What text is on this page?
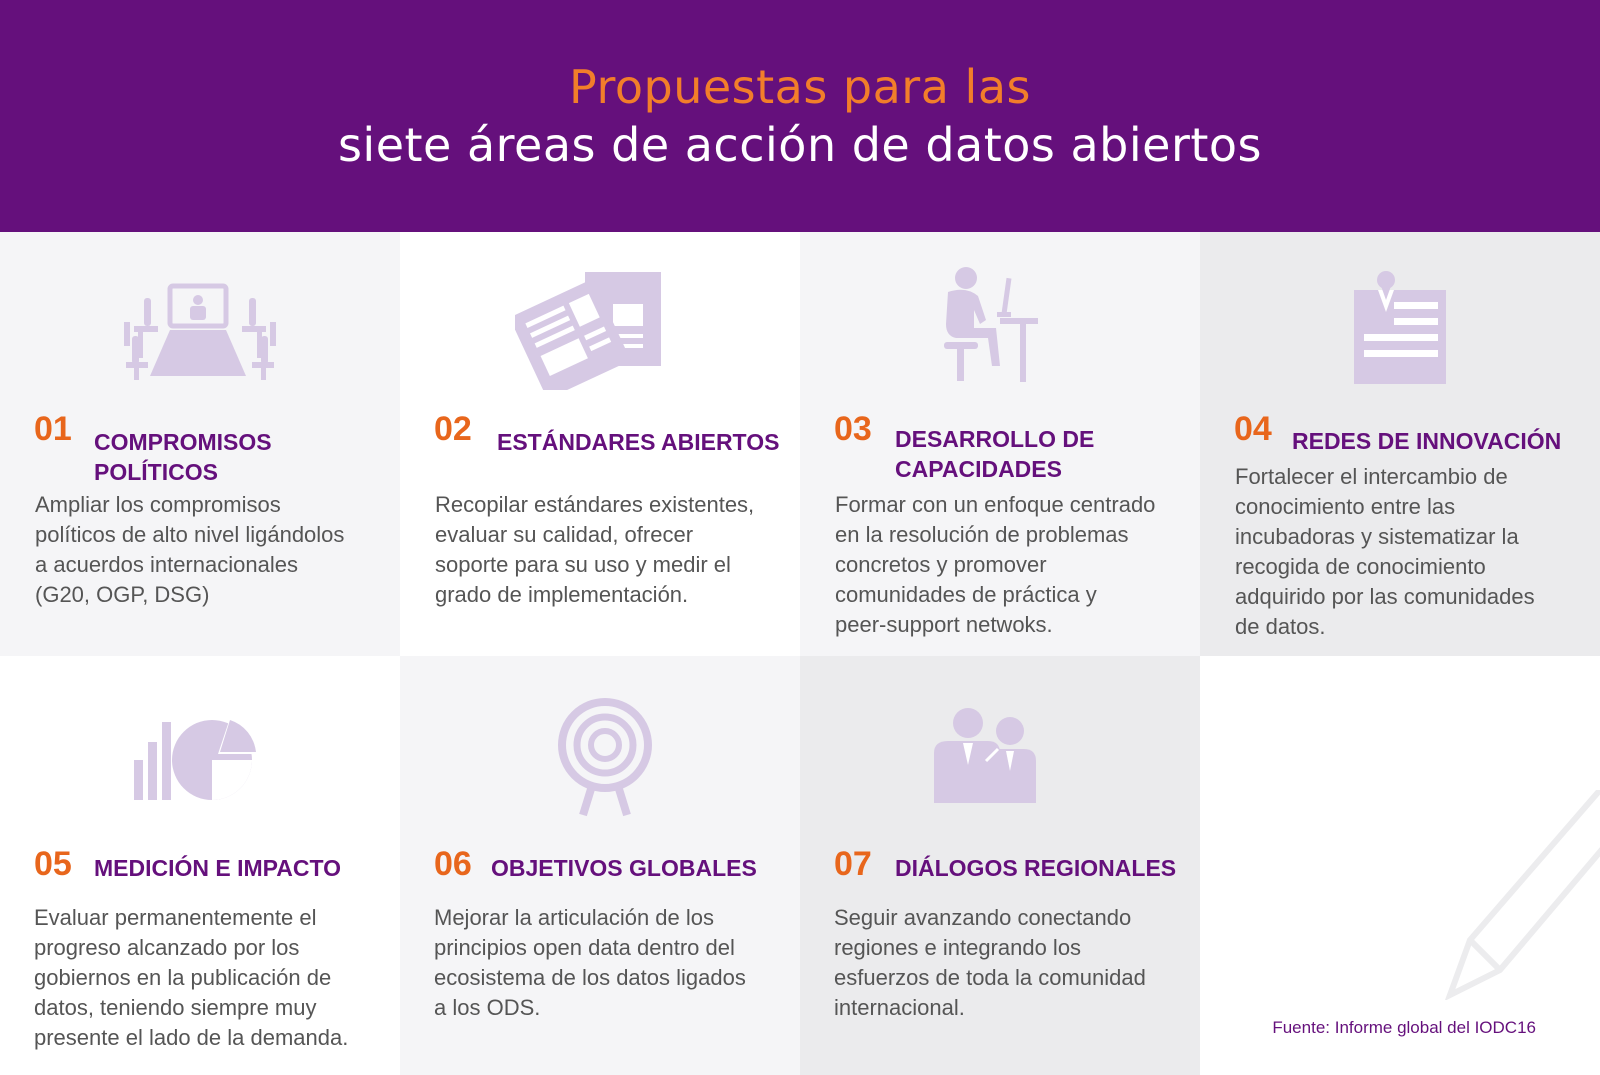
Propuestas para las
siete áreas de acción de datos abiertos
01 COMPROMISOS
POLÍTICOS
Ampliar los compromisos
políticos de alto nivel ligándolos
a acuerdos internacionales
(G20, OGP, DSG)
02 ESTÁNDARES ABIERTOS
Recopilar estándares existentes,
evaluar su calidad, ofrecer
soporte para su uso y medir el
grado de implementación.
03 DESARROLLO DE
CAPACIDADES
Formar con un enfoque centrado
en la resolución de problemas
concretos y promover
comunidades de práctica y
peer-support netwoks.
04 REDES DE INNOVACIÓN
Fortalecer el intercambio de
conocimiento entre las
incubadoras y sistematizar la
recogida de conocimiento
adquirido por las comunidades
de datos.
05 MEDICIÓN E IMPACTO
Evaluar permanentemente el
progreso alcanzado por los
gobiernos en la publicación de
datos, teniendo siempre muy
presente el lado de la demanda.
06 OBJETIVOS GLOBALES
Mejorar la articulación de los
principios open data dentro del
ecosistema de los datos ligados
a los ODS.
07 DIÁLOGOS REGIONALES
Seguir avanzando conectando
regiones e integrando los
esfuerzos de toda la comunidad
internacional.
Fuente: Informe global del IODC16
